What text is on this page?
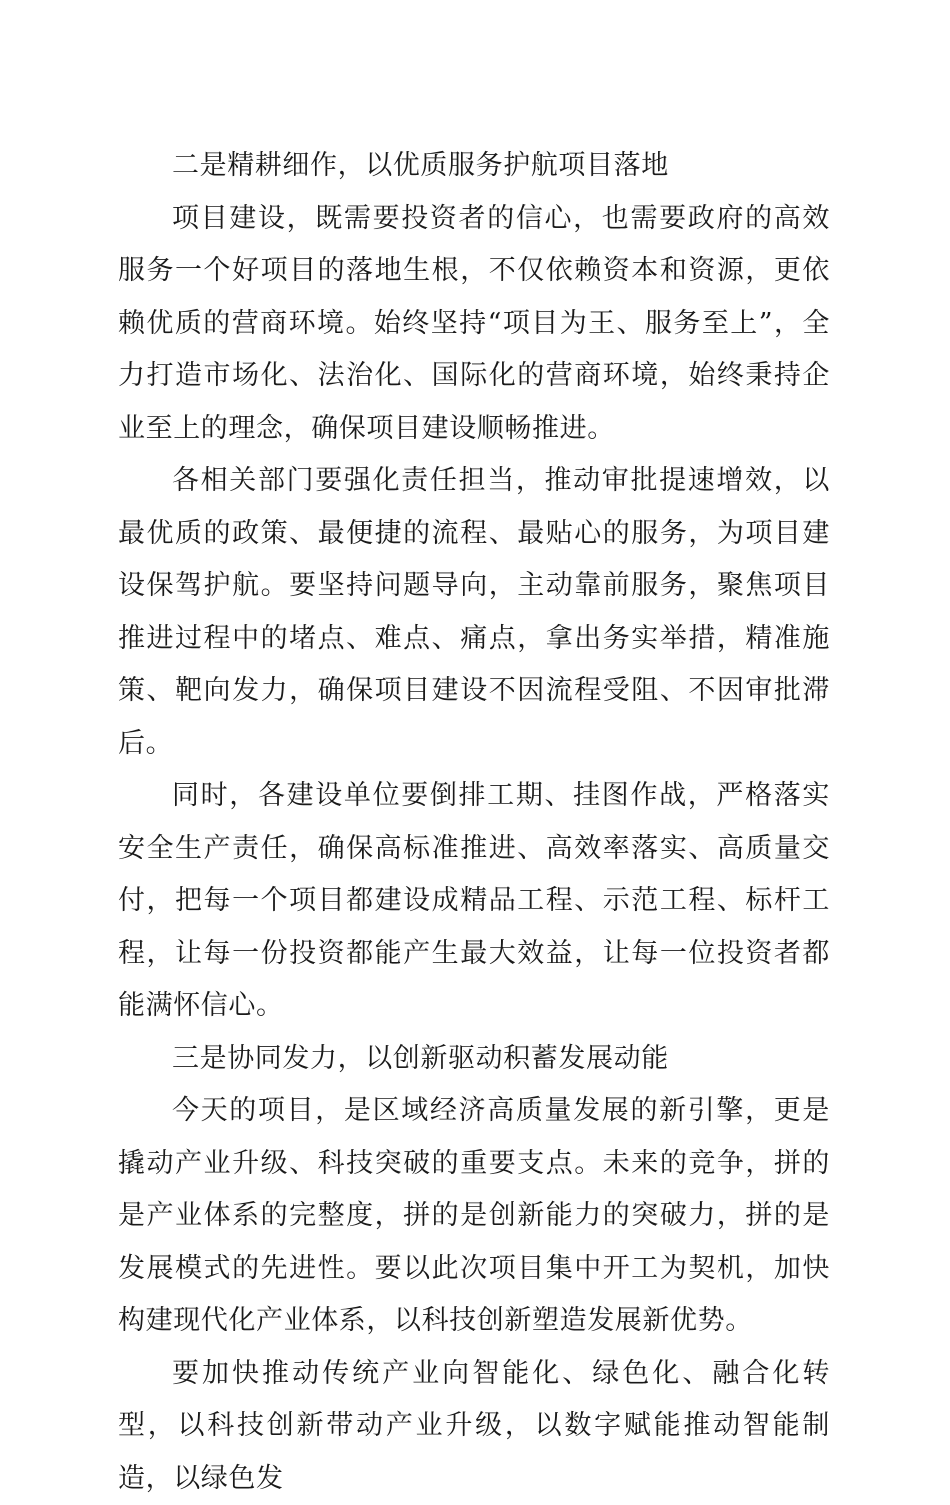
二是精耕细作，以优质服务护航项目落地

项目建设，既需要投资者的信心，也需要政府的高效服务一个好项目的落地生根，不仅依赖资本和资源，更依赖优质的营商环境。始终坚持“项目为王、服务至上”，全力打造市场化、法治化、国际化的营商环境，始终秉持企业至上的理念，确保项目建设顺畅推进。

各相关部门要强化责任担当，推动审批提速增效，以最优质的政策、最便捷的流程、最贴心的服务，为项目建设保驾护航。要坚持问题导向，主动靠前服务，聚焦项目推进过程中的堵点、难点、痛点，拿出务实举措，精准施策、靶向发力，确保项目建设不因流程受阻、不因审批滞后。

同时，各建设单位要倒排工期、挂图作战，严格落实安全生产责任，确保高标准推进、高效率落实、高质量交付，把每一个项目都建设成精品工程、示范工程、标杆工程，让每一份投资都能产生最大效益，让每一位投资者都能满怀信心。

三是协同发力，以创新驱动积蓄发展动能

今天的项目，是区域经济高质量发展的新引擎，更是撬动产业升级、科技突破的重要支点。未来的竞争，拼的是产业体系的完整度，拼的是创新能力的突破力，拼的是发展模式的先进性。要以此次项目集中开工为契机，加快构建现代化产业体系，以科技创新塑造发展新优势。

要加快推动传统产业向智能化、绿色化、融合化转型，以科技创新带动产业升级，以数字赋能推动智能制造，以绿色发
